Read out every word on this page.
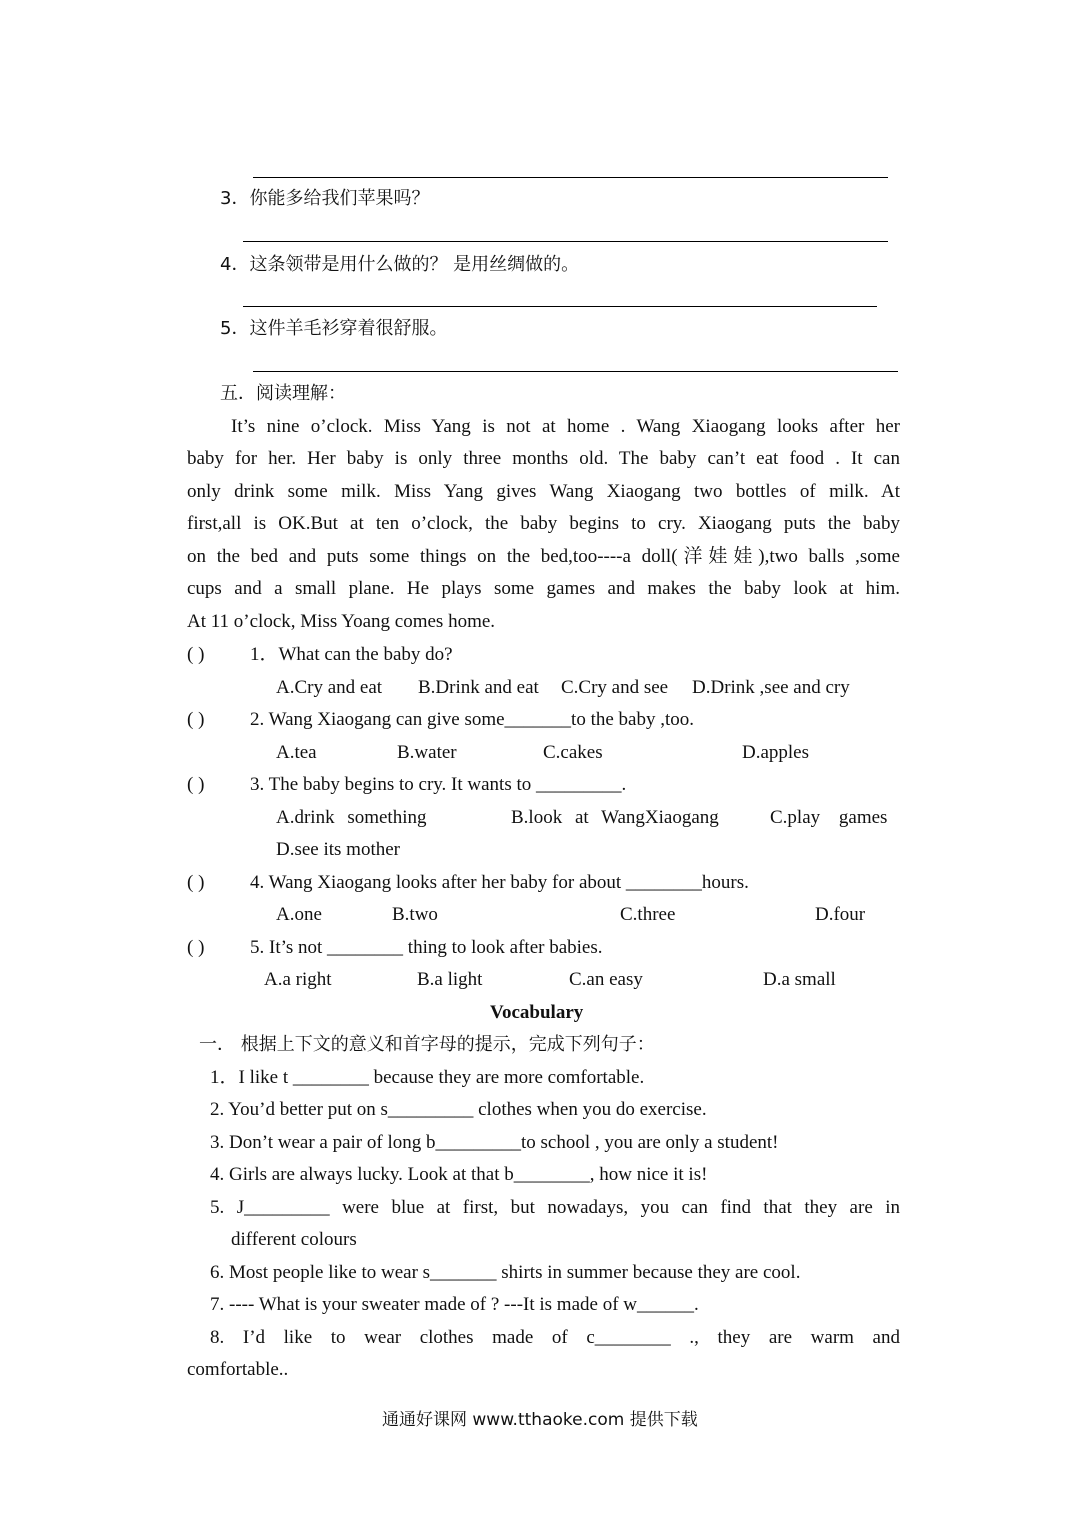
3．你能多给我们苹果吗？
4．这条领带是用什么做的？ 是用丝绸做的。
5．这件羊毛衫穿着很舒服。
五．阅读理解：
It’s nine o’clock. Miss Yang is not at home . Wang Xiaogang looks after her
baby for her. Her baby is only three months old. The baby can’t eat food . It can
only drink some milk. Miss Yang gives Wang Xiaogang two bottles of milk. At
first,all is OK.But at ten o’clock, the baby begins to cry. Xiaogang puts the baby
on the bed and puts some things on the bed,too----a doll(洋娃娃),two balls ,some
cups and a small plane. He plays some games and makes the baby look at him.
At 11 o’clock, Miss Yoang comes home.
( ) 1．What can the baby do?
A.Cry and eat B.Drink and eat C.Cry and see D.Drink ,see and cry
( ) 2. Wang Xiaogang can give some_______to the baby ,too.
A.tea	B.water	C.cakes	D.apples
( ) 3. The baby begins to cry. It wants to _________.
A.drink something	B.look at WangXiaogang	C.play games
D.see its mother
( ) 4. Wang Xiaogang looks after her baby for about ________hours.
A.one	B.two	C.three	D.four
( ) 5. It’s not ________ thing to look after babies.
A.a right	B.a light	C.an easy	D.a small
Vocabulary
一． 根据上下文的意义和首字母的提示，完成下列句子：
1．I like t ________ because they are more comfortable.
2. You’d better put on s_________ clothes when you do exercise.
3. Don’t wear a pair of long b_________to school , you are only a student!
4. Girls are always lucky. Look at that b________, how nice it is!
5. J_________ were blue at first, but nowadays, you can find that they are in
different colours
6. Most people like to wear s_______ shirts in summer because they are cool.
7. ---- What is your sweater made of ? ---It is made of w______.
8. I’d like to wear clothes made of c________ ., they are warm and
comfortable..
通通好课网 www.tthaoke.com 提供下载
